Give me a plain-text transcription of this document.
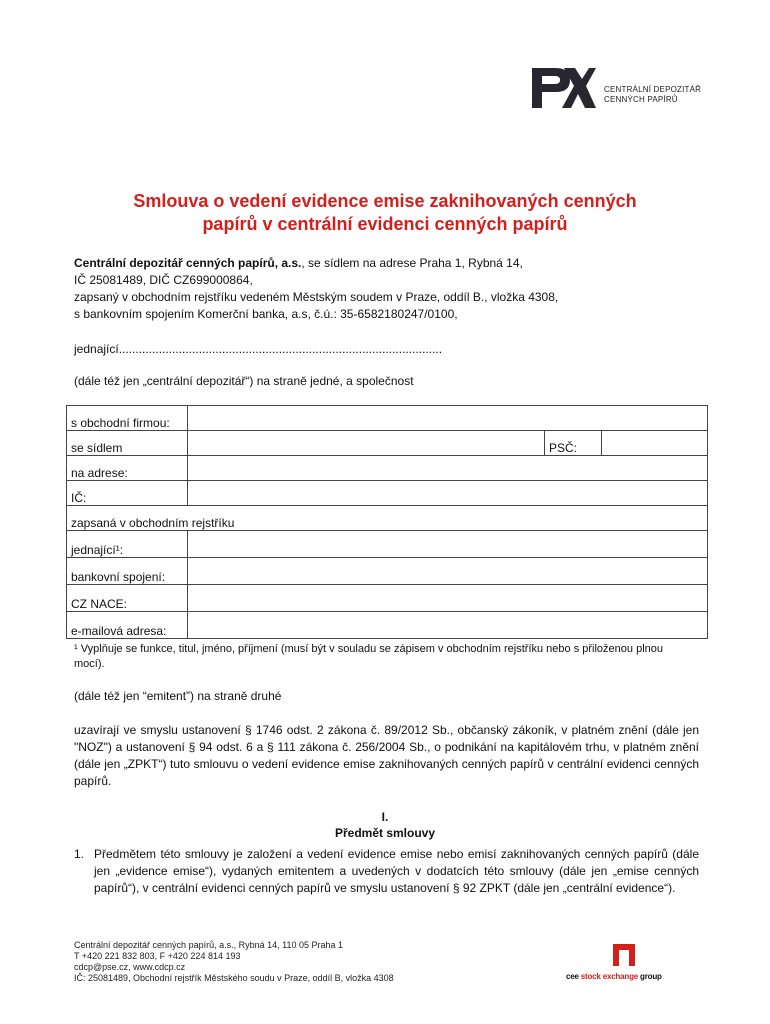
CENTRÁLNÍ DEPOZITÁŘ
CENNÝCH PAPÍRŮ
Smlouva o vedení evidence emise zaknihovaných cenných
papírů v centrální evidenci cenných papírů
Centrální depozitář cenných papírů, a.s., se sídlem na adrese Praha 1, Rybná 14,
IČ 25081489, DIČ CZ699000864,
zapsaný v obchodním rejstříku vedeném Městským soudem v Praze, oddíl B., vložka 4308,
s bankovním spojením Komerční banka, a.s, č.ú.: 35-6582180247/0100,
jednající.................................................................................................
(dále též jen „centrální depozitář“) na straně jedné, a společnost
s obchodní firmou:			
se sídlem		PSČ:	
na adrese:			
IČ:			
zapsaná v obchodním rejstříku			
jednající¹:			
bankovní spojení:			
CZ NACE:			
e-mailová adresa:			
¹ Vyplňuje se funkce, titul, jméno, příjmení (musí být v souladu se zápisem v obchodním rejstříku nebo s přiloženou plnou mocí).
(dále též jen “emitent”) na straně druhé
uzavírají ve smyslu ustanovení § 1746 odst. 2 zákona č. 89/2012 Sb., občanský zákoník, v platném znění (dále jen "NOZ") a ustanovení § 94 odst. 6 a § 111 zákona č. 256/2004 Sb., o podnikání na kapitálovém trhu, v platném znění (dále jen „ZPKT“) tuto smlouvu o vedení evidence emise zaknihovaných cenných papírů v centrální evidenci cenných papírů.
I.
Předmět smlouvy
1. Předmětem této smlouvy je založení a vedení evidence emise nebo emisí zaknihovaných cenných papírů (dále jen „evidence emise“), vydaných emitentem a uvedených v dodatcích této smlouvy (dále jen „emise cenných papírů“), v centrální evidenci cenných papírů ve smyslu ustanovení § 92 ZPKT (dále jen „centrální evidence“).
Centrální depozitář cenných papírů, a.s., Rybná 14, 110 05 Praha 1
T +420 221 832 803, F +420 224 814 193
cdcp@pse.cz, www.cdcp.cz
IČ: 25081489, Obchodní rejstřík Městského soudu v Praze, oddíl B, vložka 4308	cee stock exchange group
